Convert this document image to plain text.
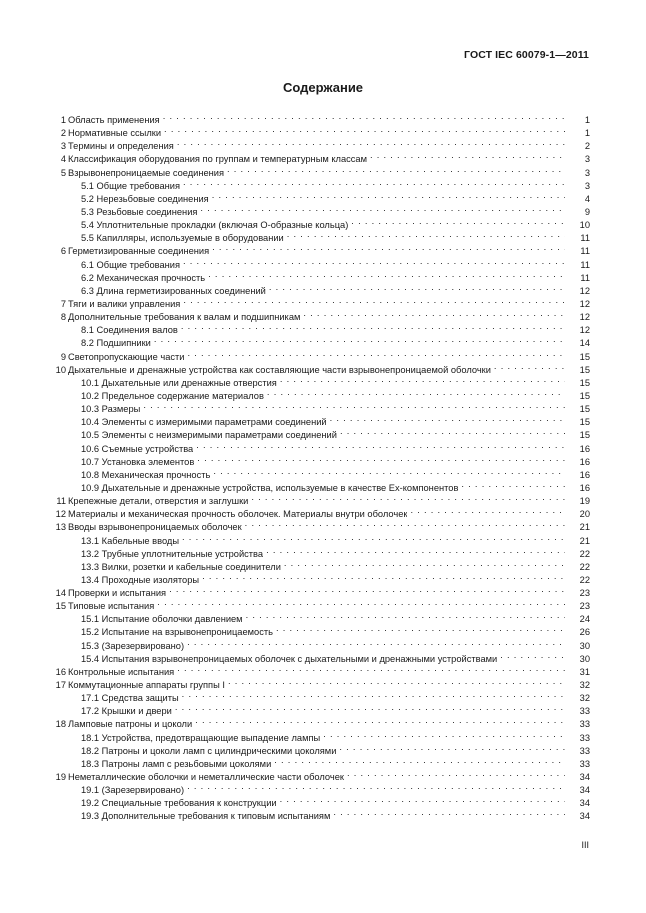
ГОСТ IEC 60079-1—2011
Содержание
1 Область применения . . .	1
2 Нормативные ссылки . . .	1
3 Термины и определения . . .	2
4 Классификация оборудования по группам и температурным классам . . .	3
5 Взрывонепроницаемые соединения . . .	3
5.1 Общие требования . . .	3
5.2 Нерезьбовые соединения . . .	4
5.3 Резьбовые соединения . . .	9
5.4 Уплотнительные прокладки (включая О-образные кольца) . . .	10
5.5 Капилляры, используемые в оборудовании . . .	11
6 Герметизированные соединения . . .	11
6.1 Общие требования . . .	11
6.2 Механическая прочность . . .	11
6.3 Длина герметизированных соединений . . .	12
7 Тяги и валики управления . . .	12
8 Дополнительные требования к валам и подшипникам . . .	12
8.1 Соединения валов . . .	12
8.2 Подшипники . . .	14
9 Светопропускающие части . . .	15
10 Дыхательные и дренажные устройства как составляющие части взрывонепроницаемой оболочки . . .	15
10.1 Дыхательные или дренажные отверстия . . .	15
10.2 Предельное содержание материалов . . .	15
10.3 Размеры . . .	15
10.4 Элементы с измеримыми параметрами соединений . . .	15
10.5 Элементы с неизмеримыми параметрами соединений . . .	15
10.6 Съемные устройства . . .	16
10.7 Установка элементов . . .	16
10.8 Механическая прочность . . .	16
10.9 Дыхательные и дренажные устройства, используемые в качестве Ех-компонентов . . .	16
11 Крепежные детали, отверстия и заглушки . . .	19
12 Материалы и механическая прочность оболочек. Материалы внутри оболочек . . .	20
13 Вводы взрывонепроницаемых оболочек . . .	21
13.1 Кабельные вводы . . .	21
13.2 Трубные уплотнительные устройства . . .	22
13.3 Вилки, розетки и кабельные соединители . . .	22
13.4 Проходные изоляторы . . .	22
14 Проверки и испытания . . .	23
15 Типовые испытания . . .	23
15.1 Испытание оболочки давлением . . .	24
15.2 Испытание на взрывонепроницаемость . . .	26
15.3 (Зарезервировано) . . .	30
15.4 Испытания взрывонепроницаемых оболочек с дыхательными и дренажными устройствами . . .	30
16 Контрольные испытания . . .	31
17 Коммутационные аппараты группы I . . .	32
17.1 Средства защиты . . .	32
17.2 Крышки и двери . . .	33
18 Ламповые патроны и цоколи . . .	33
18.1 Устройства, предотвращающие выпадение лампы . . .	33
18.2 Патроны и цоколи ламп с цилиндрическими цоколями . . .	33
18.3 Патроны ламп с резьбовыми цоколями . . .	33
19 Неметаллические оболочки и неметаллические части оболочек . . .	34
19.1 (Зарезервировано) . . .	34
19.2 Специальные требования к конструкции . . .	34
19.3 Дополнительные требования к типовым испытаниям . . .	34
III
